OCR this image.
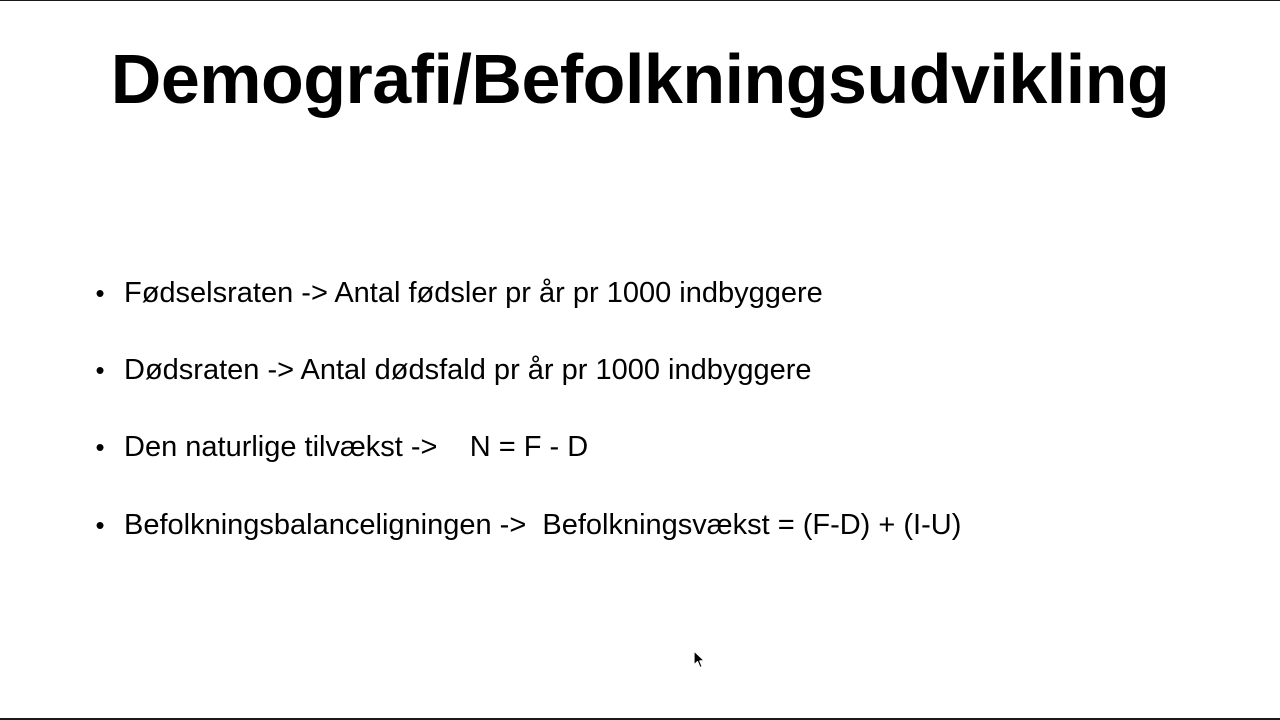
Demografi/Befolkningsudvikling
• Fødselsraten -> Antal fødsler pr år pr 1000 indbyggere
• Dødsraten -> Antal dødsfald pr år pr 1000 indbyggere
• Den naturlige tilvækst ->    N = F - D
• Befolkningsbalanceligningen ->  Befolkningsvækst = (F-D) + (I-U)
